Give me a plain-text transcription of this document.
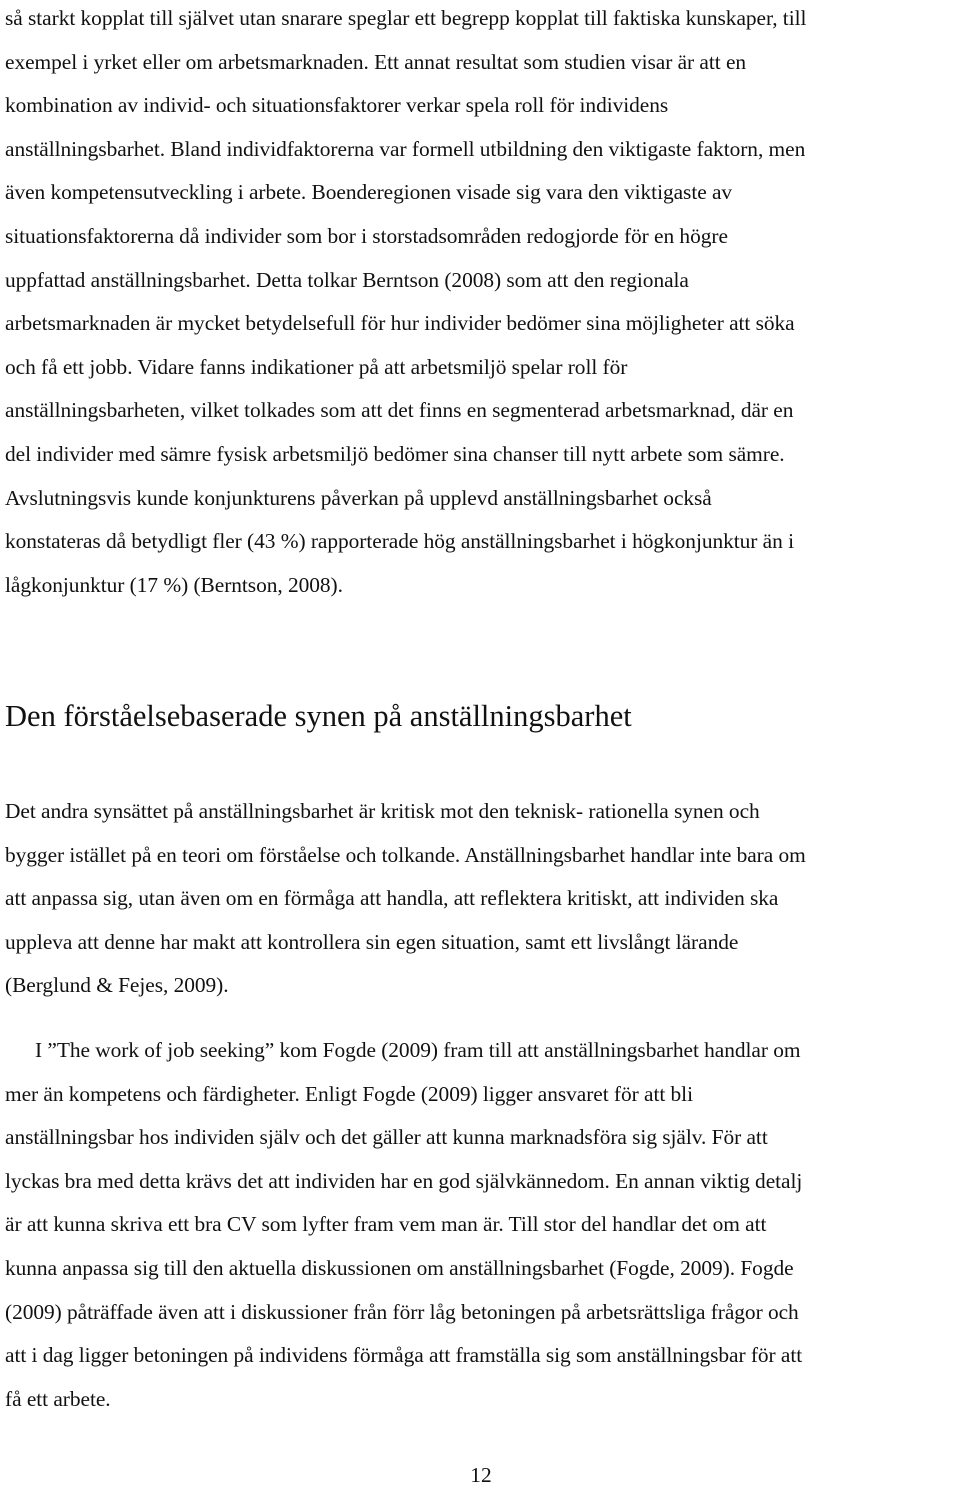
så starkt kopplat till självet utan snarare speglar ett begrepp kopplat till faktiska kunskaper, till
exempel i yrket eller om arbetsmarknaden. Ett annat resultat som studien visar är att en
kombination av individ- och situationsfaktorer verkar spela roll för individens
anställningsbarhet. Bland individfaktorerna var formell utbildning den viktigaste faktorn, men
även kompetensutveckling i arbete. Boenderegionen visade sig vara den viktigaste av
situationsfaktorerna då individer som bor i storstadsområden redogjorde för en högre
uppfattad anställningsbarhet. Detta tolkar Berntson (2008) som att den regionala
arbetsmarknaden är mycket betydelsefull för hur individer bedömer sina möjligheter att söka
och få ett jobb. Vidare fanns indikationer på att arbetsmiljö spelar roll för
anställningsbarheten, vilket tolkades som att det finns en segmenterad arbetsmarknad, där en
del individer med sämre fysisk arbetsmiljö bedömer sina chanser till nytt arbete som sämre.
Avslutningsvis kunde konjunkturens påverkan på upplevd anställningsbarhet också
konstateras då betydligt fler (43 %) rapporterade hög anställningsbarhet i högkonjunktur än i
lågkonjunktur (17 %) (Berntson, 2008).

Den förståelsebaserade synen på anställningsbarhet

Det andra synsättet på anställningsbarhet är kritisk mot den teknisk- rationella synen och
bygger istället på en teori om förståelse och tolkande. Anställningsbarhet handlar inte bara om
att anpassa sig, utan även om en förmåga att handla, att reflektera kritiskt, att individen ska
uppleva att denne har makt att kontrollera sin egen situation, samt ett livslångt lärande
(Berglund & Fejes, 2009).

I ”The work of job seeking” kom Fogde (2009) fram till att anställningsbarhet handlar om
mer än kompetens och färdigheter. Enligt Fogde (2009) ligger ansvaret för att bli
anställningsbar hos individen själv och det gäller att kunna marknadsföra sig själv. För att
lyckas bra med detta krävs det att individen har en god självkännedom. En annan viktig detalj
är att kunna skriva ett bra CV som lyfter fram vem man är. Till stor del handlar det om att
kunna anpassa sig till den aktuella diskussionen om anställningsbarhet (Fogde, 2009). Fogde
(2009) påträffade även att i diskussioner från förr låg betoningen på arbetsrättsliga frågor och
att i dag ligger betoningen på individens förmåga att framställa sig som anställningsbar för att
få ett arbete.

12
